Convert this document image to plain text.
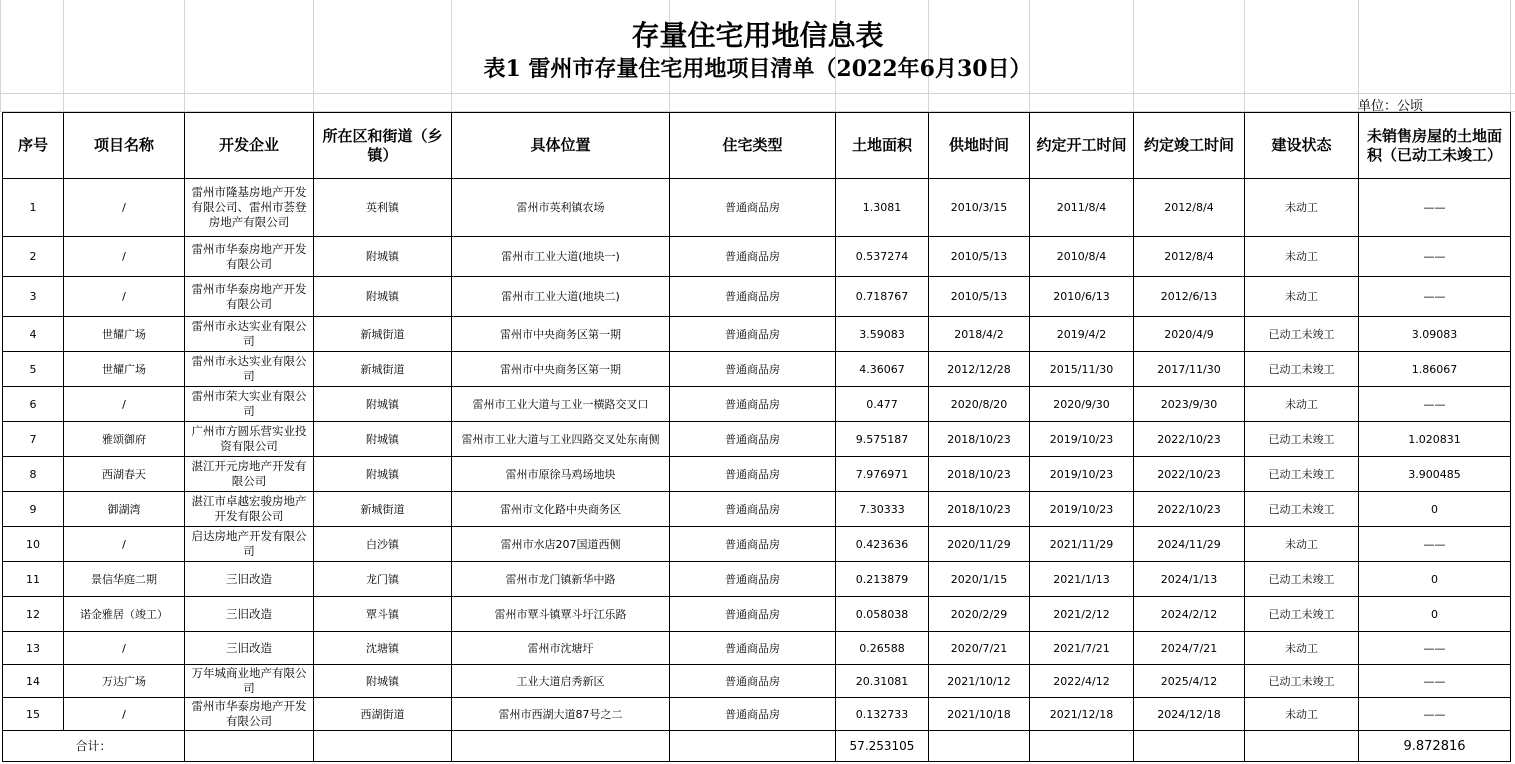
存量住宅用地信息表
表1 雷州市存量住宅用地项目清单（2022年6月30日）
单位：公顷
序号	项目名称	开发企业	所在区和街道（乡镇）	具体位置	住宅类型	土地面积	供地时间	约定开工时间	约定竣工时间	建设状态	未销售房屋的土地面积（已动工未竣工）
1	/	雷州市隆基房地产开发有限公司、雷州市荟登房地产有限公司	英利镇	雷州市英利镇农场	普通商品房	1.3081	2010/3/15	2011/8/4	2012/8/4	未动工	——
2	/	雷州市华泰房地产开发有限公司	附城镇	雷州市工业大道(地块一)	普通商品房	0.537274	2010/5/13	2010/8/4	2012/8/4	未动工	——
3	/	雷州市华泰房地产开发有限公司	附城镇	雷州市工业大道(地块二)	普通商品房	0.718767	2010/5/13	2010/6/13	2012/6/13	未动工	——
4	世耀广场	雷州市永达实业有限公司	新城街道	雷州市中央商务区第一期	普通商品房	3.59083	2018/4/2	2019/4/2	2020/4/9	已动工未竣工	3.09083
5	世耀广场	雷州市永达实业有限公司	新城街道	雷州市中央商务区第一期	普通商品房	4.36067	2012/12/28	2015/11/30	2017/11/30	已动工未竣工	1.86067
6	/	雷州市荣大实业有限公司	附城镇	雷州市工业大道与工业一横路交叉口	普通商品房	0.477	2020/8/20	2020/9/30	2023/9/30	未动工	——
7	雅颂御府	广州市方圆乐营实业投资有限公司	附城镇	雷州市工业大道与工业四路交叉处东南侧	普通商品房	9.575187	2018/10/23	2019/10/23	2022/10/23	已动工未竣工	1.020831
8	西湖春天	湛江开元房地产开发有限公司	附城镇	雷州市原徐马鸡场地块	普通商品房	7.976971	2018/10/23	2019/10/23	2022/10/23	已动工未竣工	3.900485
9	御湖湾	湛江市卓越宏骏房地产开发有限公司	新城街道	雷州市文化路中央商务区	普通商品房	7.30333	2018/10/23	2019/10/23	2022/10/23	已动工未竣工	0
10	/	启达房地产开发有限公司	白沙镇	雷州市水店207国道西侧	普通商品房	0.423636	2020/11/29	2021/11/29	2024/11/29	未动工	——
11	景信华庭二期	三旧改造	龙门镇	雷州市龙门镇新华中路	普通商品房	0.213879	2020/1/15	2021/1/13	2024/1/13	已动工未竣工	0
12	诺金雅居（竣工）	三旧改造	覃斗镇	雷州市覃斗镇覃斗圩江乐路	普通商品房	0.058038	2020/2/29	2021/2/12	2024/2/12	已动工未竣工	0
13	/	三旧改造	沈塘镇	雷州市沈塘圩	普通商品房	0.26588	2020/7/21	2021/7/21	2024/7/21	未动工	——
14	万达广场	万年城商业地产有限公司	附城镇	工业大道启秀新区	普通商品房	20.31081	2021/10/12	2022/4/12	2025/4/12	已动工未竣工	——
15	/	雷州市华泰房地产开发有限公司	西湖街道	雷州市西湖大道87号之二	普通商品房	0.132733	2021/10/18	2021/12/18	2024/12/18	未动工	——
合计：						57.253105					9.872816
